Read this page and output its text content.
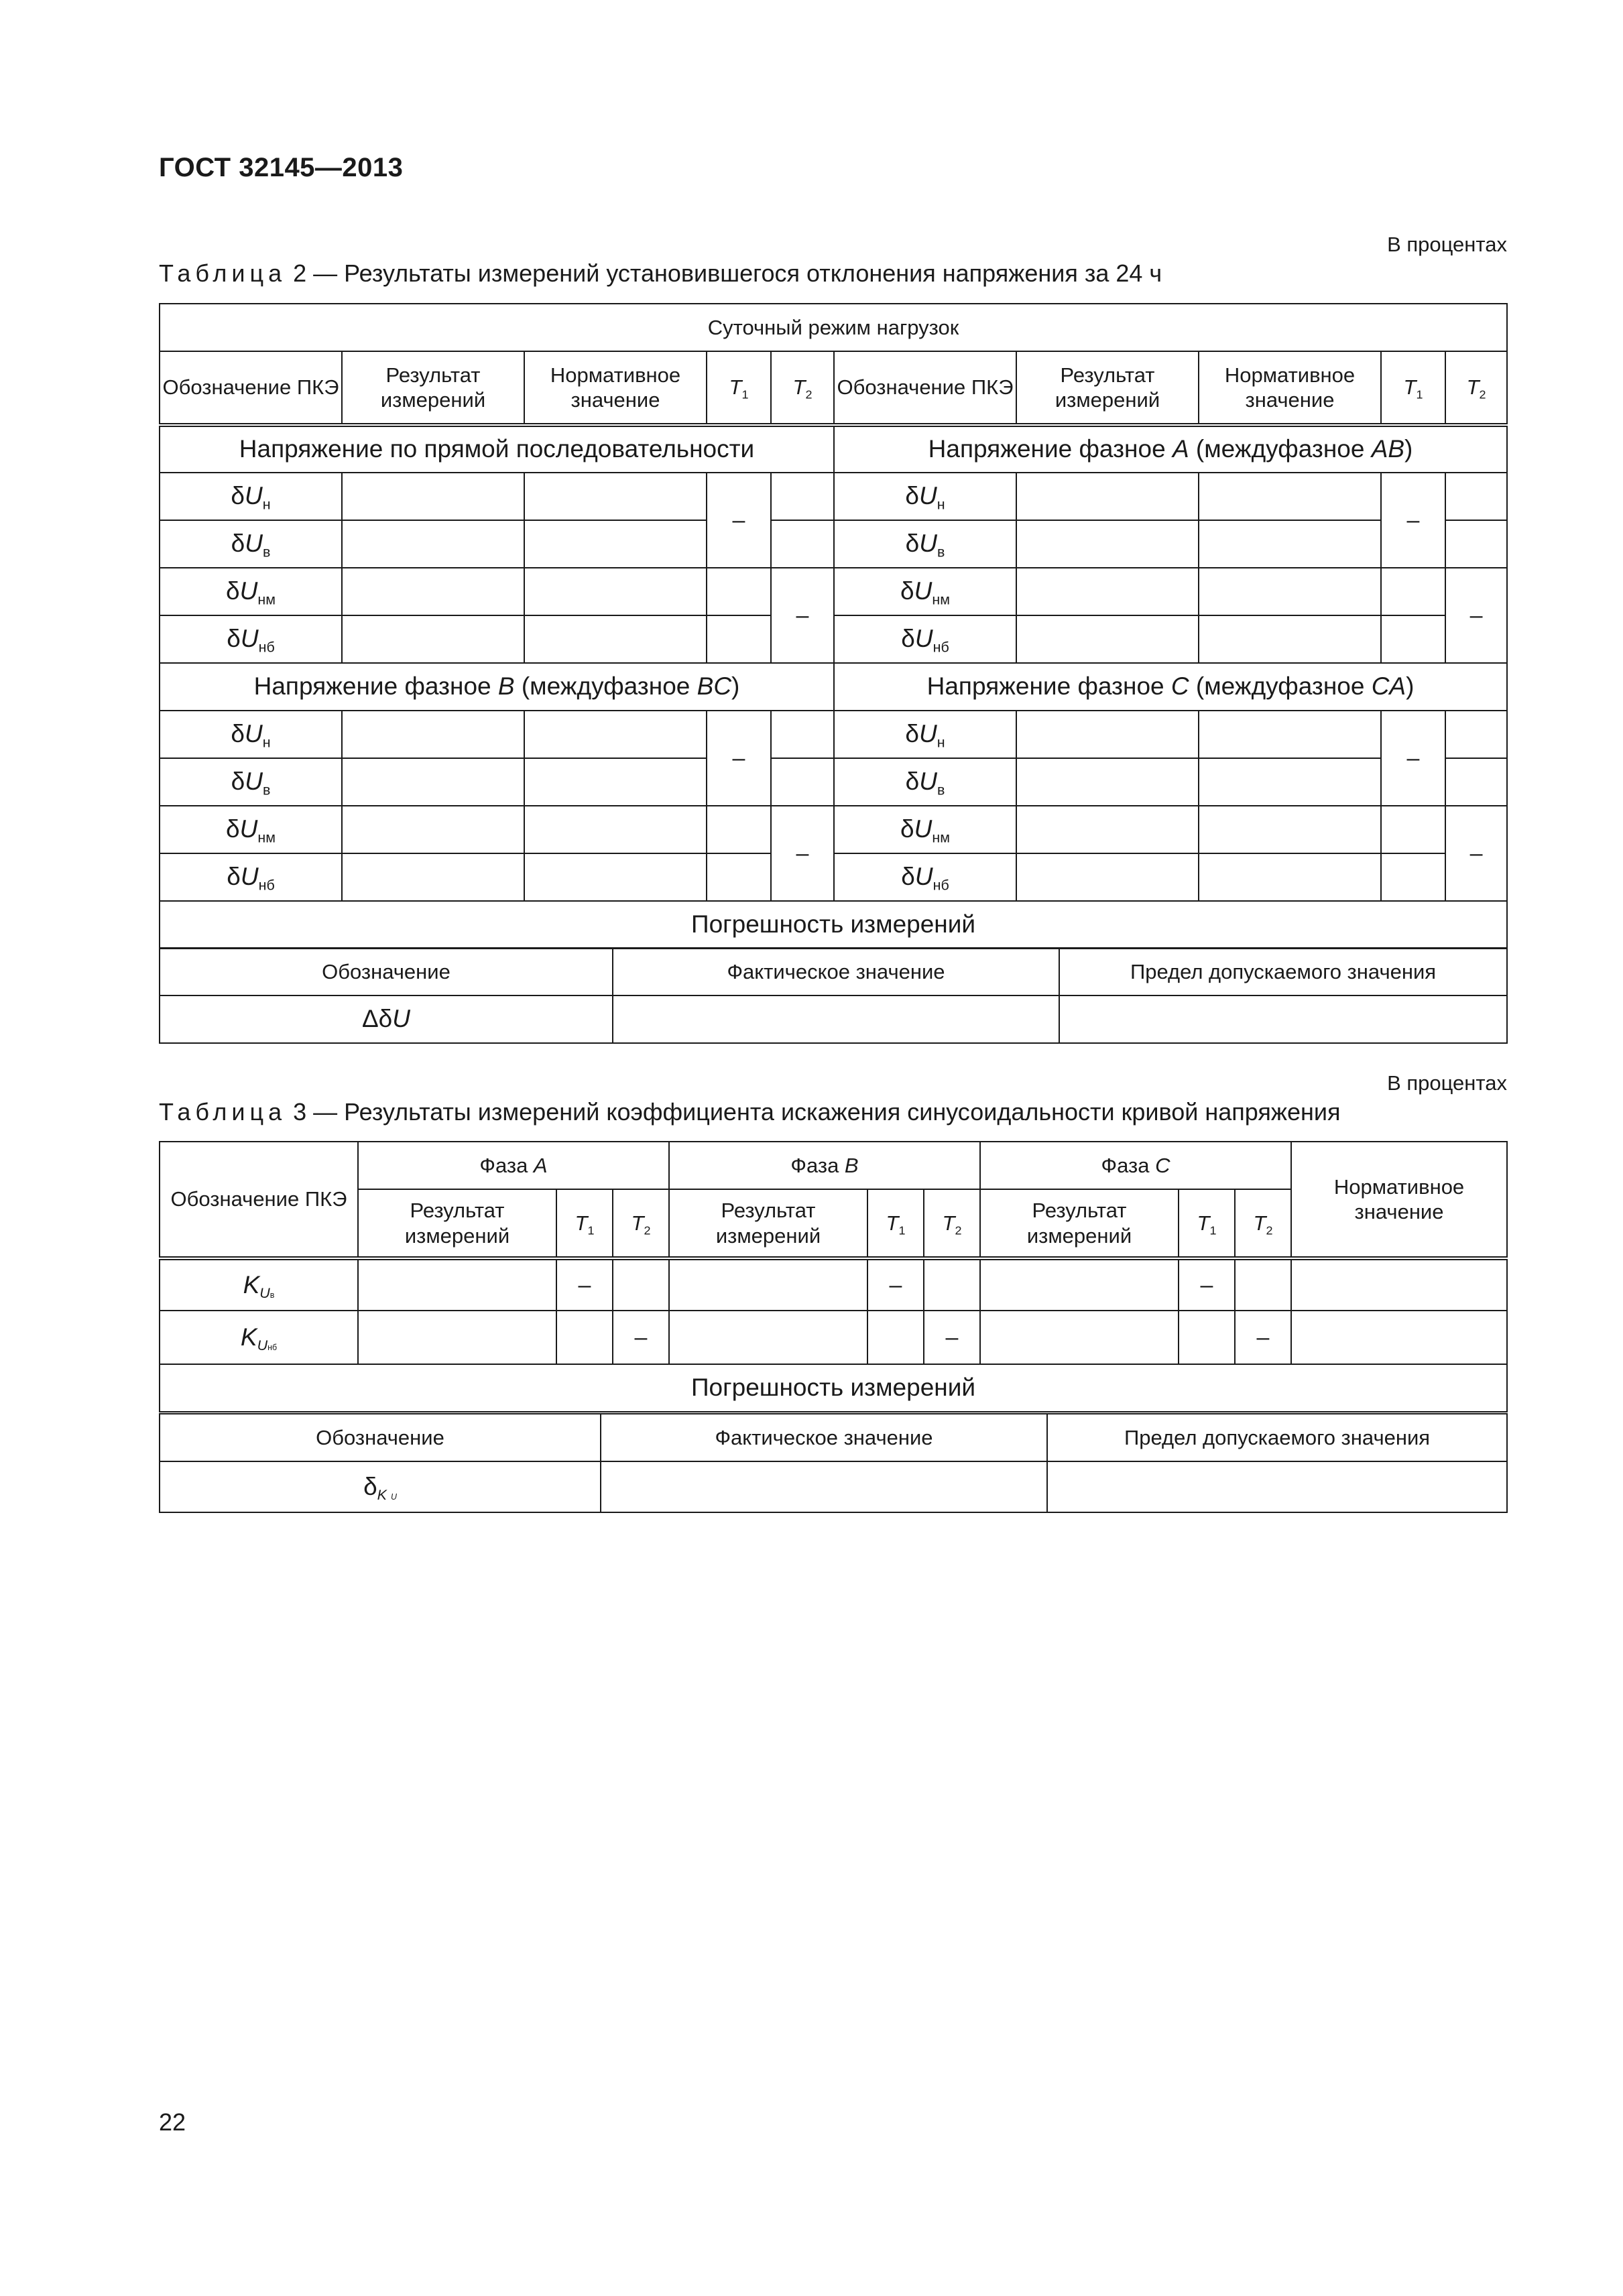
ГОСТ 32145—2013
В процентах
Таблица 2 — Результаты измерений установившегося отклонения напряжения за 24 ч
Суточный режим нагрузок									
Обозначение ПКЭ	Результат измерений	Нормативное значение	$T_1$	$T_2$	Обозначение ПКЭ	Результат измерений	Нормативное значение	$T_1$	$T_2$
Напряжение по прямой последовательности					Напряжение фазное A (междуфазное AB)				
$\delta U_н$			–		$\delta U_н$			–	
$\delta U_в$					$\delta U_в$			
$\delta U_{нм}$				–	$\delta U_{нм}$				–
$\delta U_{нб}$					$\delta U_{нб}$			
Напряжение фазное B (междуфазное BC)					Напряжение фазное C (междуфазное CA)				
$\delta U_н$			–		$\delta U_н$			–	
$\delta U_в$					$\delta U_в$			
$\delta U_{нм}$				–	$\delta U_{нм}$				–
$\delta U_{нб}$					$\delta U_{нб}$			
Погрешность измерений									
Обозначение	Фактическое значение	Предел допускаемого значения
ΔδU		
В процентах
Таблица 3 — Результаты измерений коэффициента искажения синусоидальности кривой напряжения
Обозначение ПКЭ	Фаза A			Фаза B			Фаза C			Нормативное значение
	Результат измерений	$T_1$	$T_2$	Результат измерений	$T_1$	$T_2$	Результат измерений	$T_1$	$T_2$
$K_{Uв}$		–			–			–		
$K_{Uнб}$			–			–			–	
Погрешность измерений										
Обозначение	Фактическое значение	Предел допускаемого значения
$\delta_{K U}$		
22
